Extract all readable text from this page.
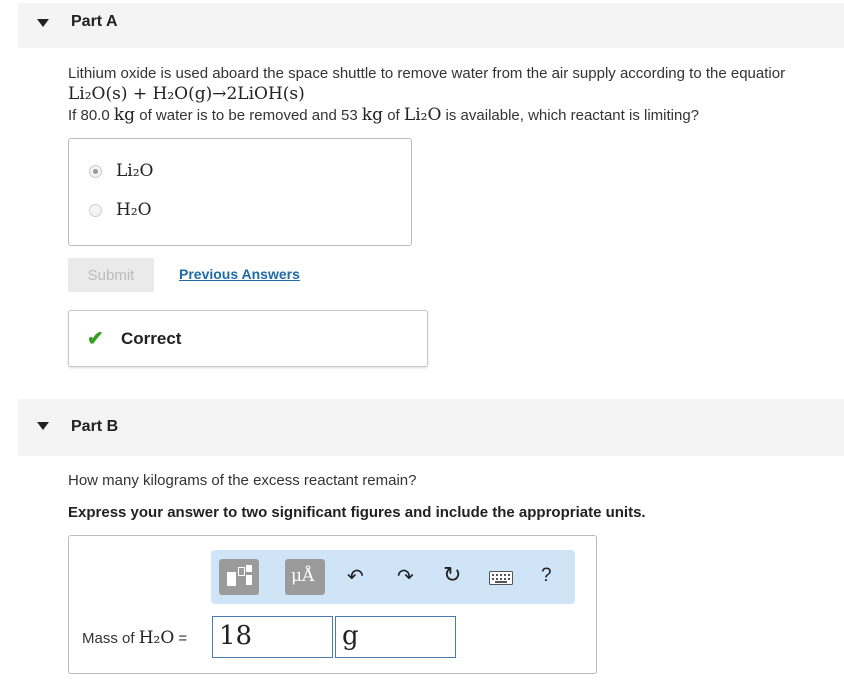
Part A
Lithium oxide is used aboard the space shuttle to remove water from the air supply according to the equatior
Li₂O(s) + H₂O(g)→2LiOH(s)
If 80.0 kg of water is to be removed and 53 kg of Li₂O is available, which reactant is limiting?
Li₂O
H₂O
Submit	Previous Answers
✔ Correct
Part B
How many kilograms of the excess reactant remain?
Express your answer to two significant figures and include the appropriate units.
μÅ ↶ ↷ ↻	?
Mass of H₂O = 18	g
